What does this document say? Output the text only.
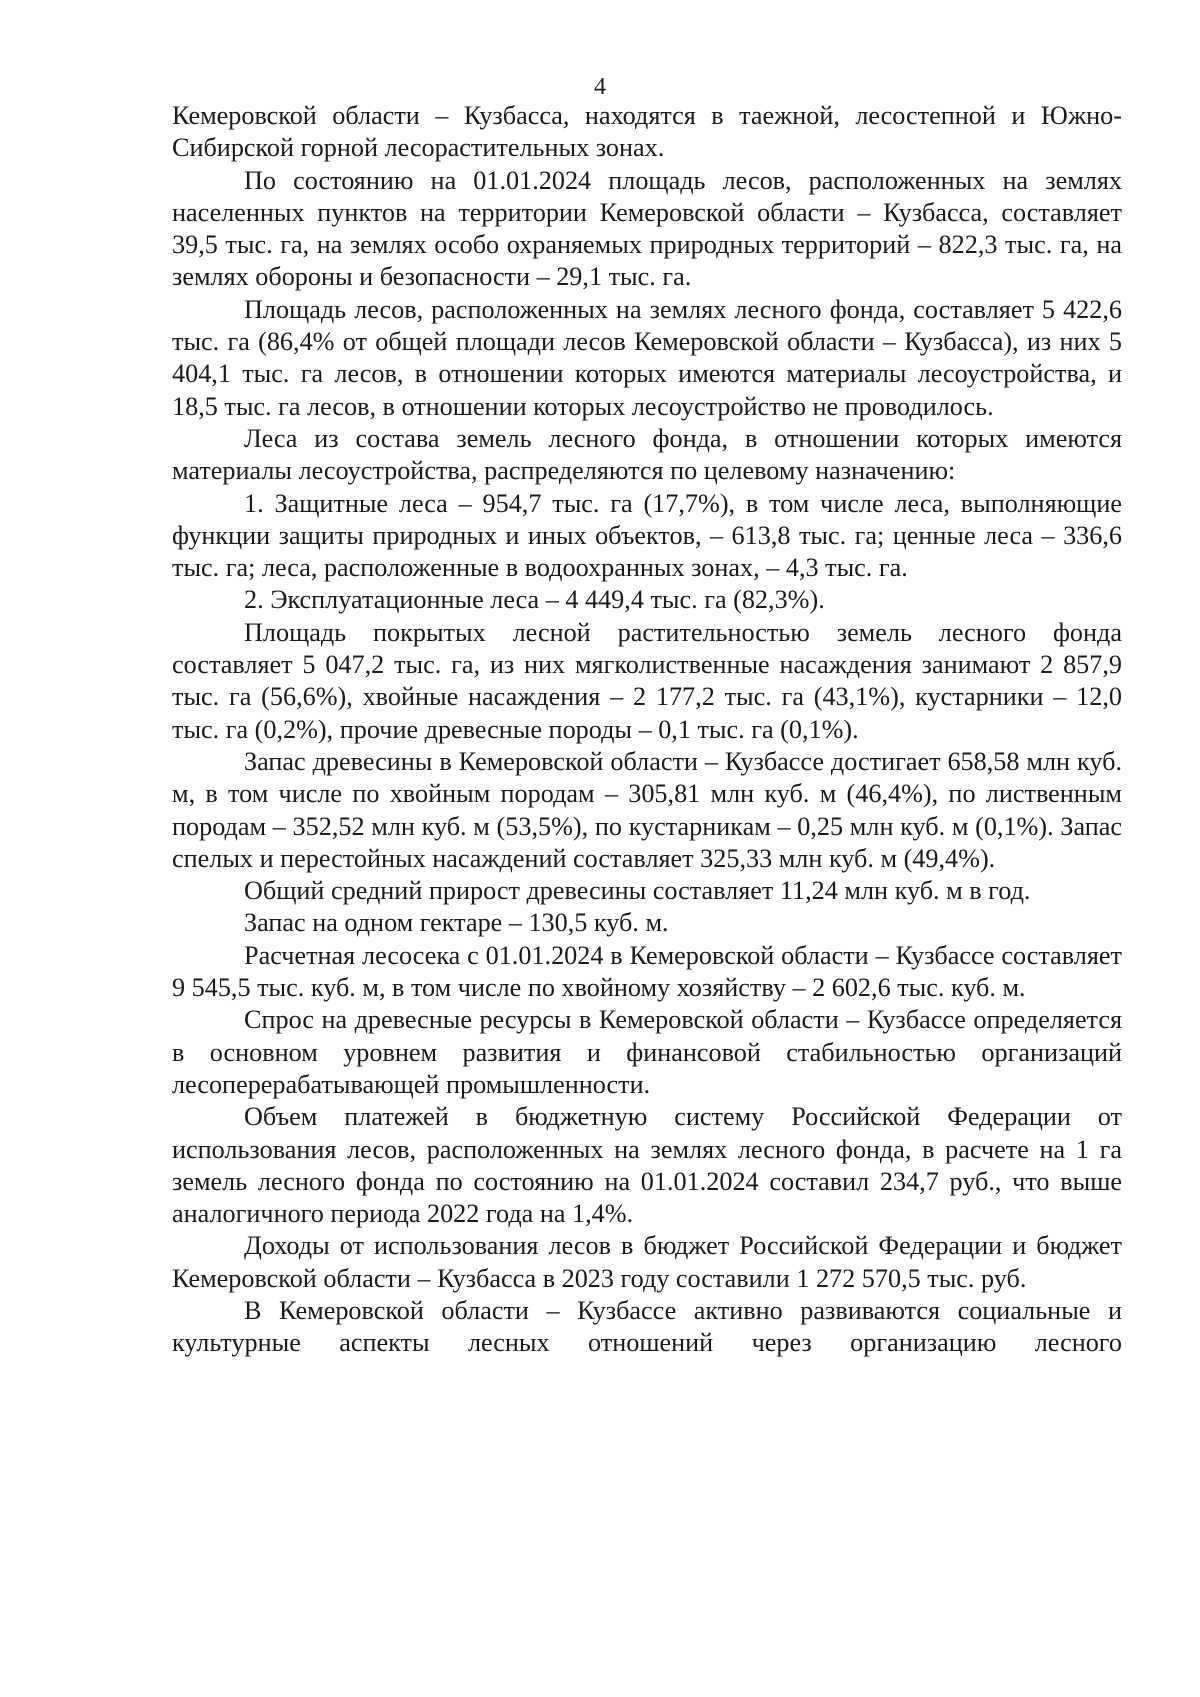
4

Кемеровской области – Кузбасса, находятся в таежной, лесостепной и Южно-Сибирской горной лесорастительных зонах.

По состоянию на 01.01.2024 площадь лесов, расположенных на землях населенных пунктов на территории Кемеровской области – Кузбасса, составляет 39,5 тыс. га, на землях особо охраняемых природных территорий – 822,3 тыс. га, на землях обороны и безопасности – 29,1 тыс. га.

Площадь лесов, расположенных на землях лесного фонда, составляет 5 422,6 тыс. га (86,4% от общей площади лесов Кемеровской области – Кузбасса), из них 5 404,1 тыс. га лесов, в отношении которых имеются материалы лесоустройства, и 18,5 тыс. га лесов, в отношении которых лесоустройство не проводилось.

Леса из состава земель лесного фонда, в отношении которых имеются материалы лесоустройства, распределяются по целевому назначению:

1. Защитные леса – 954,7 тыс. га (17,7%), в том числе леса, выполняющие функции защиты природных и иных объектов, – 613,8 тыс. га; ценные леса – 336,6 тыс. га; леса, расположенные в водоохранных зонах, – 4,3 тыс. га.

2. Эксплуатационные леса – 4 449,4 тыс. га (82,3%).

Площадь покрытых лесной растительностью земель лесного фонда составляет 5 047,2 тыс. га, из них мягколиственные насаждения занимают 2 857,9 тыс. га (56,6%), хвойные насаждения – 2 177,2 тыс. га (43,1%), кустарники – 12,0 тыс. га (0,2%), прочие древесные породы – 0,1 тыс. га (0,1%).

Запас древесины в Кемеровской области – Кузбассе достигает 658,58 млн куб. м, в том числе по хвойным породам – 305,81 млн куб. м (46,4%), по лиственным породам – 352,52 млн куб. м (53,5%), по кустарникам – 0,25 млн куб. м (0,1%). Запас спелых и перестойных насаждений составляет 325,33 млн куб. м (49,4%).

Общий средний прирост древесины составляет 11,24 млн куб. м в год.

Запас на одном гектаре – 130,5 куб. м.

Расчетная лесосека с 01.01.2024 в Кемеровской области – Кузбассе составляет 9 545,5 тыс. куб. м, в том числе по хвойному хозяйству – 2 602,6 тыс. куб. м.

Спрос на древесные ресурсы в Кемеровской области – Кузбассе определяется в основном уровнем развития и финансовой стабильностью организаций лесоперерабатывающей промышленности.

Объем платежей в бюджетную систему Российской Федерации от использования лесов, расположенных на землях лесного фонда, в расчете на 1 га земель лесного фонда по состоянию на 01.01.2024 составил 234,7 руб., что выше аналогичного периода 2022 года на 1,4%.

Доходы от использования лесов в бюджет Российской Федерации и бюджет Кемеровской области – Кузбасса в 2023 году составили 1 272 570,5 тыс. руб.

В Кемеровской области – Кузбассе активно развиваются социальные и культурные аспекты лесных отношений через организацию лесного
